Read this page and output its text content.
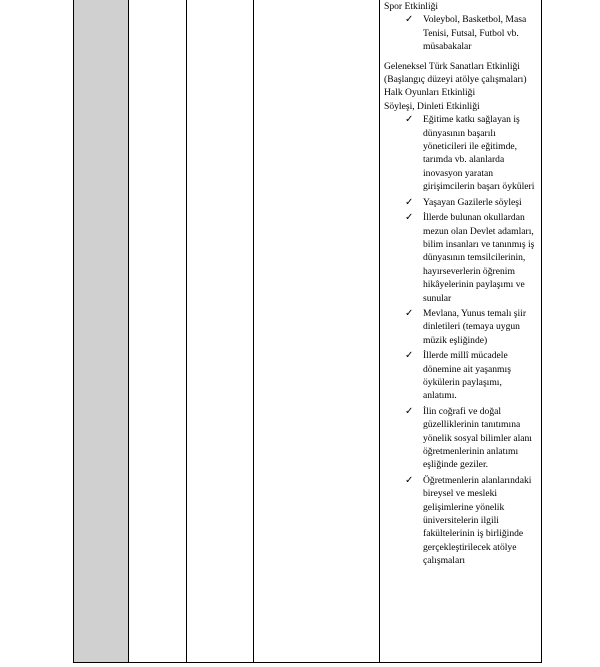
Spor Etkinliği

✓ Voleybol, Basketbol, Masa Tenisi, Futsal, Futbol vb. müsabakalar

Geleneksel Türk Sanatları Etkinliği

(Başlangıç düzeyi atölye çalışmaları)

Halk Oyunları Etkinliği

Söyleşi, Dinleti Etkinliği

✓ Eğitime katkı sağlayan iş dünyasının başarılı yöneticileri ile eğitimde, tarımda vb. alanlarda inovasyon yaratan girişimcilerin başarı öyküleri
✓ Yaşayan Gazilerle söyleşi
✓ İllerde bulunan okullardan mezun olan Devlet adamları, bilim insanları ve tanınmış iş dünyasının temsilcilerinin, hayırseverlerin öğrenim hikâyelerinin paylaşımı ve sunular
✓ Mevlana, Yunus temalı şiir dinletileri (temaya uygun müzik eşliğinde)
✓ İllerde millî mücadele dönemine ait yaşanmış öykülerin paylaşımı, anlatımı.
✓ İlin coğrafi ve doğal güzelliklerinin tanıtımına yönelik sosyal bilimler alanı öğretmenlerinin anlatımı eşliğinde geziler.
✓ Öğretmenlerin alanlarındaki bireysel ve mesleki gelişimlerine yönelik üniversitelerin ilgili fakültelerinin iş birliğinde gerçekleştirilecek atölye çalışmaları
